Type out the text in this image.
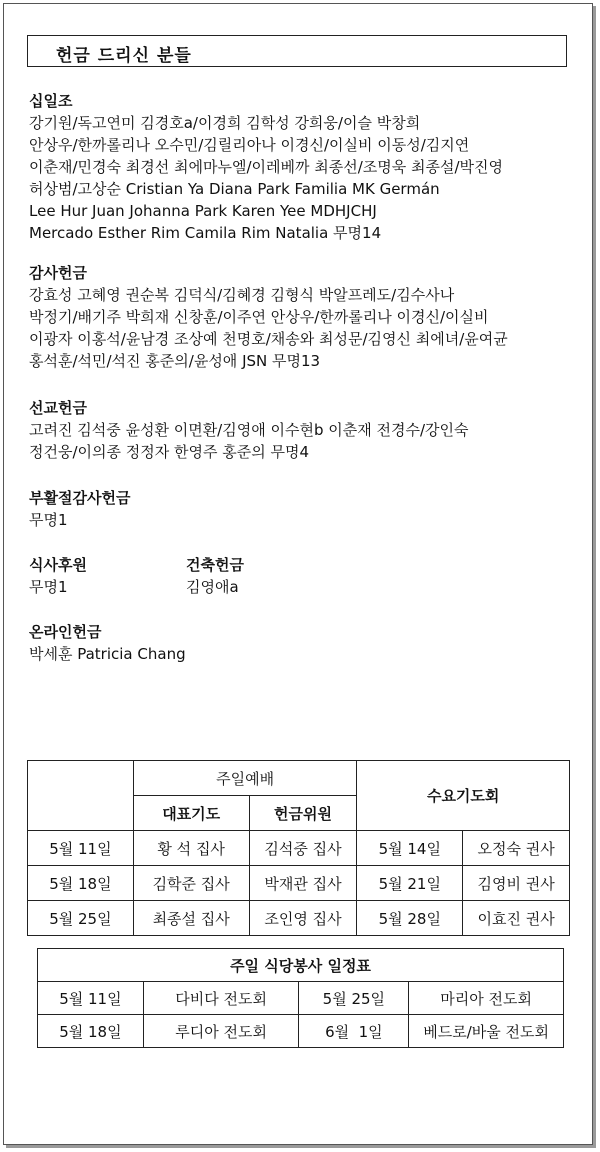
헌금 드리신 분들
십일조
강기원/독고연미 김경호a/이경희 김학성 강희웅/이슬 박창희
안상우/한까롤리나 오수민/김릴리아나 이경신/이실비 이동성/김지연
이춘재/민경숙 최경선 최에마누엘/이레베까 최종선/조명욱 최종설/박진영
허상범/고상순 Cristian Ya Diana Park Familia MK Germán
Lee Hur Juan Johanna Park Karen Yee MDHJCHJ
Mercado Esther Rim Camila Rim Natalia 무명14
감사헌금
강효성 고혜영 권순복 김덕식/김혜경 김형식 박알프레도/김수사나
박정기/배기주 박희재 신창훈/이주연 안상우/한까롤리나 이경신/이실비
이광자 이홍석/윤남경 조상예 천명호/채송와 최성문/김영신 최에녀/윤여균
홍석훈/석민/석진 홍준의/윤성애 JSN 무명13
선교헌금
고려진 김석중 윤성환 이면환/김영애 이수현b 이춘재 전경수/강인숙
정건웅/이의종 정정자 한영주 홍준의 무명4
부활절감사헌금
무명1
식사후원
무명1
건축헌금
김영애a
온라인헌금
박세훈 Patricia Chang
	주일예배		수요기도회	
	대표기도	헌금위원		
5월 11일	황 석 집사	김석중 집사	5월 14일	오정숙 권사
5월 18일	김학준 집사	박재관 집사	5월 21일	김영비 권사
5월 25일	최종설 집사	조인영 집사	5월 28일	이효진 권사
주일 식당봉사 일정표			
5월 11일	다비다 전도회	5월 25일	마리아 전도회
5월 18일	루디아 전도회	6월  1일	베드로/바울 전도회
